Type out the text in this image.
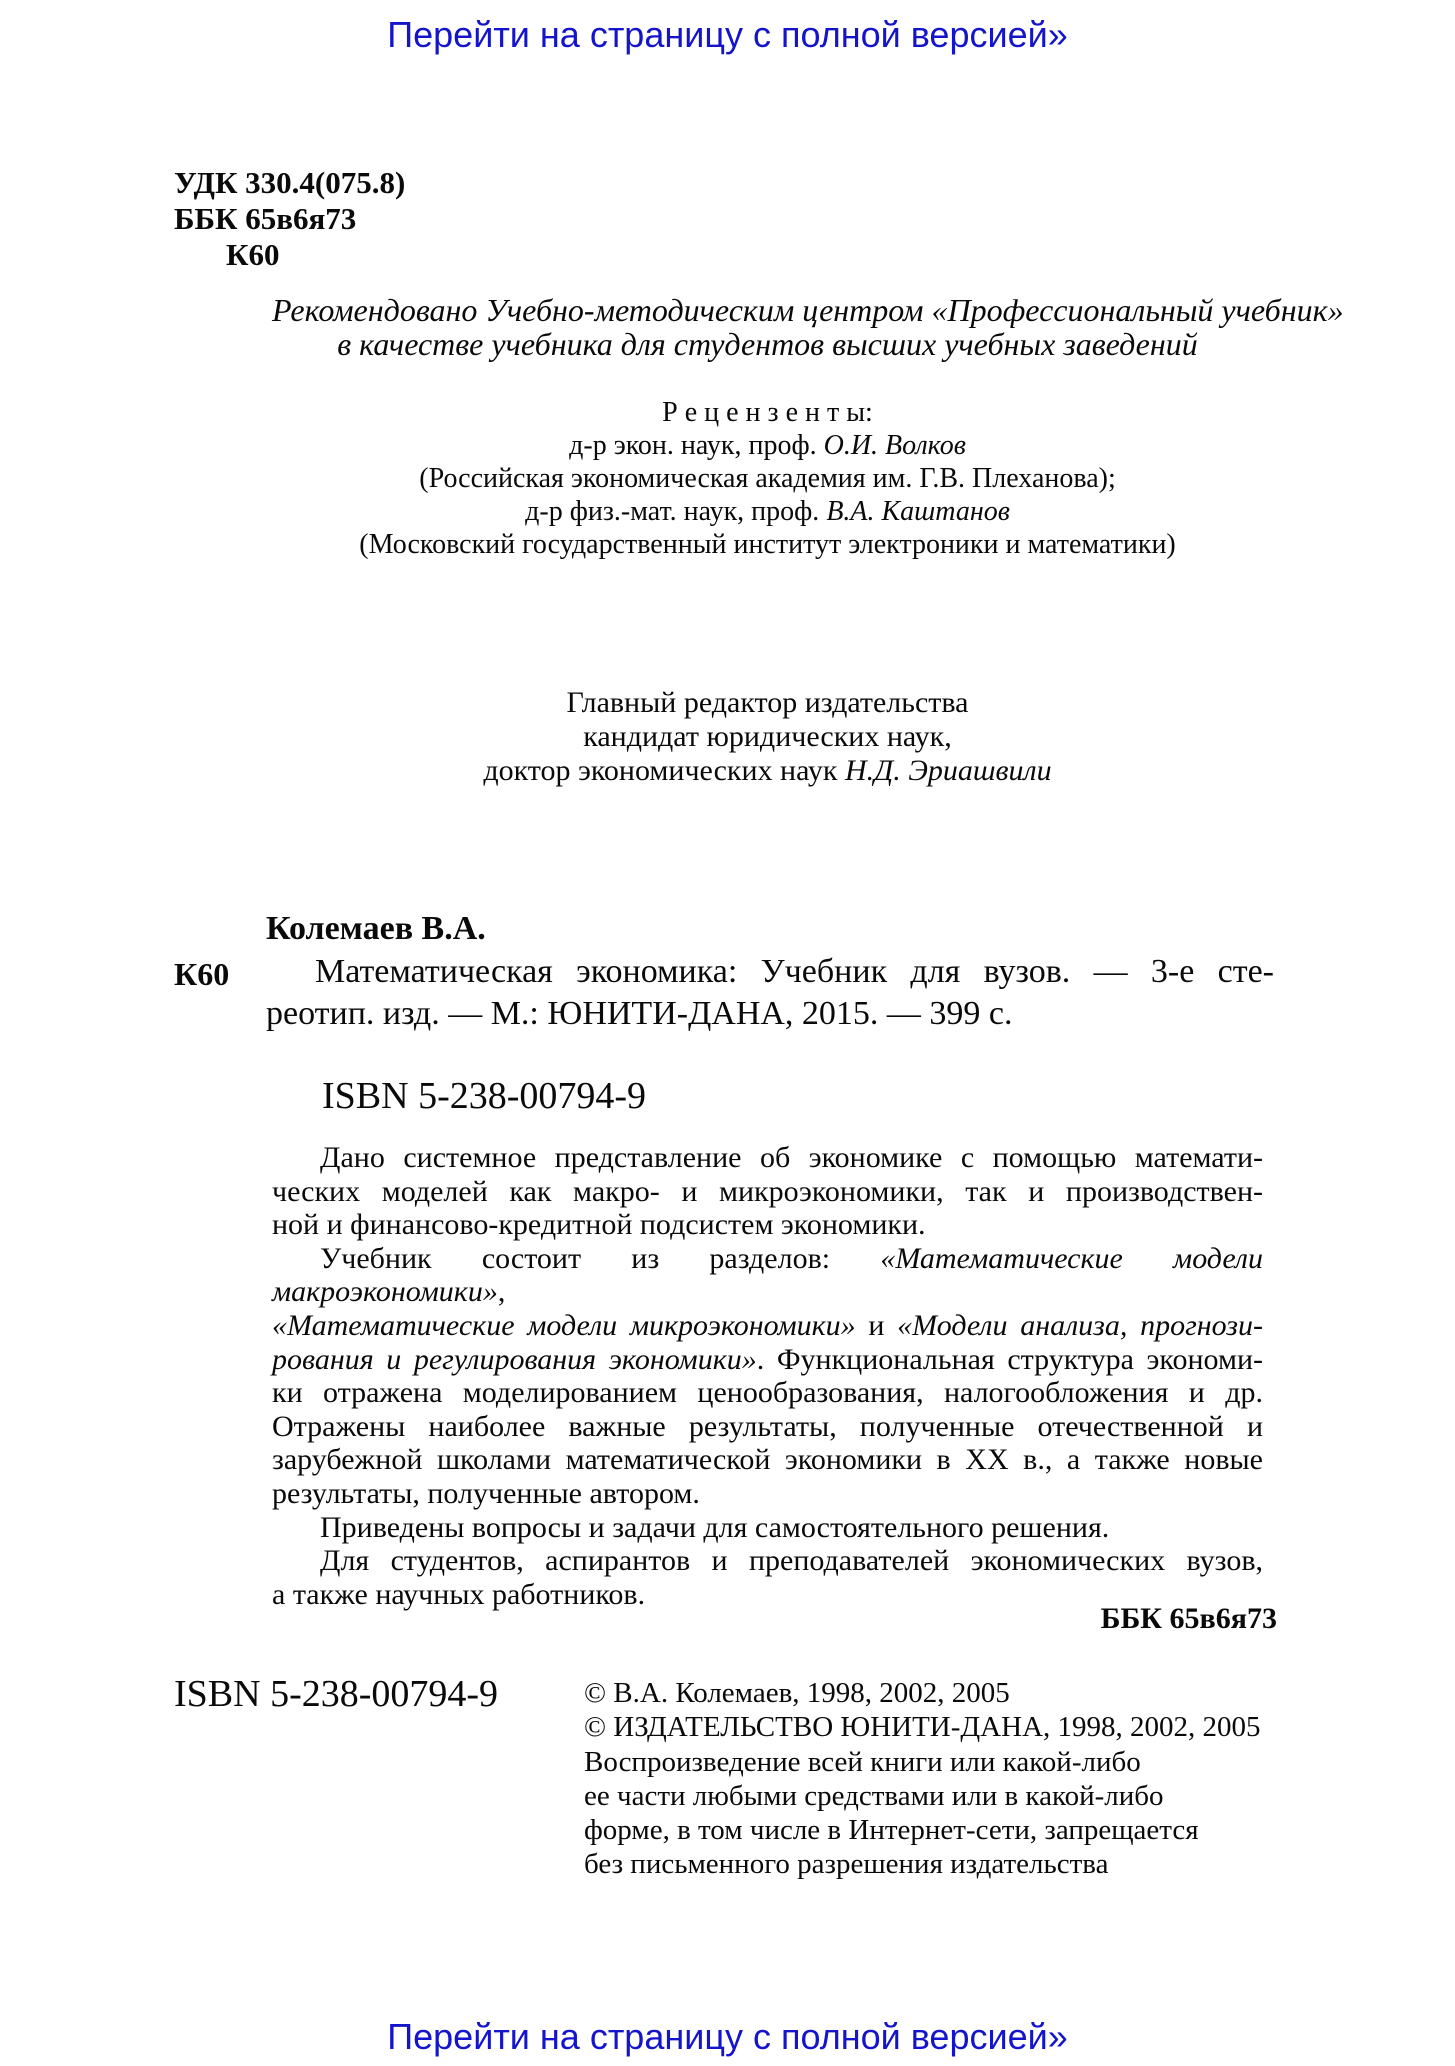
Перейти на страницу с полной версией»
УДК 330.4(075.8)
ББК 65в6я73
К60
Рекомендовано Учебно-методическим центром «Профессиональный учебник»
в качестве учебника для студентов высших учебных заведений
Р е ц е н з е н т ы:
д-р экон. наук, проф. О.И. Волков
(Российская экономическая академия им. Г.В. Плеханова);
д-р физ.-мат. наук, проф. В.А. Каштанов
(Московский государственный институт электроники и математики)
Главный редактор издательства
кандидат юридических наук,
доктор экономических наук Н.Д. Эриашвили
Колемаев В.А.
К60	Математическая экономика: Учебник для вузов. — 3-е сте-
реотип. изд. — М.: ЮНИТИ-ДАНА, 2015. — 399 с.
ISBN 5-238-00794-9
Дано системное представление об экономике с помощью математи-
ческих моделей как макро- и микроэкономики, так и производствен-
ной и финансово-кредитной подсистем экономики.
Учебник состоит из разделов: «Математические модели макроэкономики»,
«Математические модели микроэкономики» и «Модели анализа, прогнози-
рования и регулирования экономики». Функциональная структура экономи-
ки отражена моделированием ценообразования, налогообложения и др.
Отражены наиболее важные результаты, полученные отечественной и
зарубежной школами математической экономики в XX в., а также новые
результаты, полученные автором.
Приведены вопросы и задачи для самостоятельного решения.
Для студентов, аспирантов и преподавателей экономических вузов,
а также научных работников.
ББК 65в6я73
ISBN 5-238-00794-9	© В.А. Колемаев, 1998, 2002, 2005
© ИЗДАТЕЛЬСТВО ЮНИТИ-ДАНА, 1998, 2002, 2005
Воспроизведение всей книги или какой-либо
ее части любыми средствами или в какой-либо
форме, в том числе в Интернет-сети, запрещается
без письменного разрешения издательства
Перейти на страницу с полной версией»
